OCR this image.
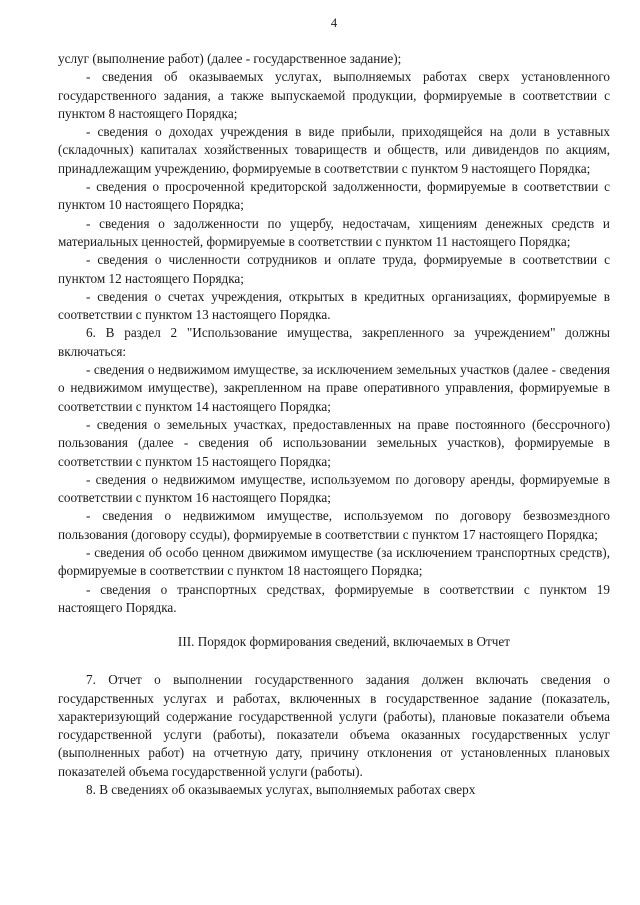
4

услуг (выполнение работ) (далее - государственное задание);

- сведения об оказываемых услугах, выполняемых работах сверх установленного государственного задания, а также выпускаемой продукции, формируемые в соответствии с пунктом 8 настоящего Порядка;

- сведения о доходах учреждения в виде прибыли, приходящейся на доли в уставных (складочных) капиталах хозяйственных товариществ и обществ, или дивидендов по акциям, принадлежащим учреждению, формируемые в соответствии с пунктом 9 настоящего Порядка;

- сведения о просроченной кредиторской задолженности, формируемые в соответствии с пунктом 10 настоящего Порядка;

- сведения о задолженности по ущербу, недостачам, хищениям денежных средств и материальных ценностей, формируемые в соответствии с пунктом 11 настоящего Порядка;

- сведения о численности сотрудников и оплате труда, формируемые в соответствии с пунктом 12 настоящего Порядка;

- сведения о счетах учреждения, открытых в кредитных организациях, формируемые в соответствии с пунктом 13 настоящего Порядка.

6. В раздел 2 "Использование имущества, закрепленного за учреждением" должны включаться:

- сведения о недвижимом имуществе, за исключением земельных участков (далее - сведения о недвижимом имуществе), закрепленном на праве оперативного управления, формируемые в соответствии с пунктом 14 настоящего Порядка;

- сведения о земельных участках, предоставленных на праве постоянного (бессрочного) пользования (далее - сведения об использовании земельных участков), формируемые в соответствии с пунктом 15 настоящего Порядка;

- сведения о недвижимом имуществе, используемом по договору аренды, формируемые в соответствии с пунктом 16 настоящего Порядка;

- сведения о недвижимом имуществе, используемом по договору безвозмездного пользования (договору ссуды), формируемые в соответствии с пунктом 17 настоящего Порядка;

- сведения об особо ценном движимом имуществе (за исключением транспортных средств), формируемые в соответствии с пунктом 18 настоящего Порядка;

- сведения о транспортных средствах, формируемые в соответствии с пунктом 19 настоящего Порядка.

III. Порядок формирования сведений, включаемых в Отчет

7. Отчет о выполнении государственного задания должен включать сведения о государственных услугах и работах, включенных в государственное задание (показатель, характеризующий содержание государственной услуги (работы), плановые показатели объема государственной услуги (работы), показатели объема оказанных государственных услуг (выполненных работ) на отчетную дату, причину отклонения от установленных плановых показателей объема государственной услуги (работы).

8. В сведениях об оказываемых услугах, выполняемых работах сверх
